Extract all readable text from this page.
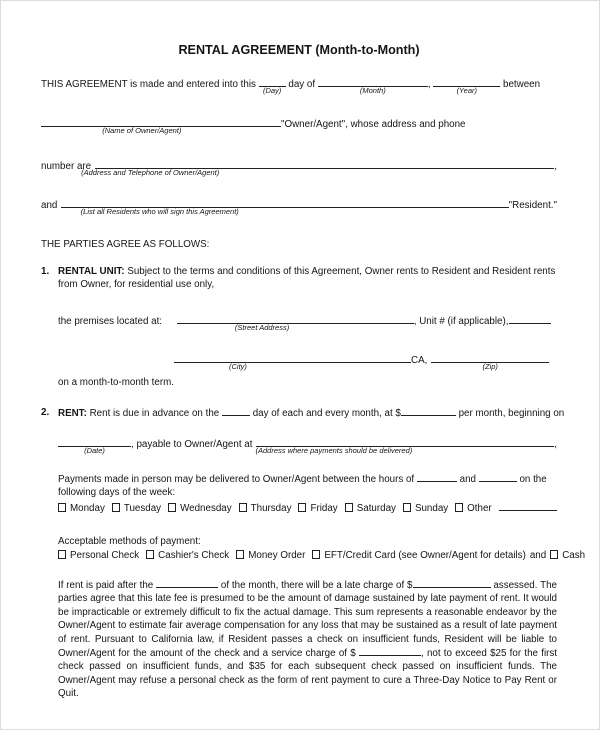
RENTAL AGREEMENT (Month-to-Month)
THIS AGREEMENT is made and entered into this
(Day)
day of
(Month)
,
(Year)
between
(Name of Owner/Agent)
"Owner/Agent", whose address and phone
number are
(Address and Telephone of Owner/Agent)
,
and
(List all Residents who will sign this Agreement)
"Resident."
THE PARTIES AGREE AS FOLLOWS:
1. RENTAL UNIT: Subject to the terms and conditions of this Agreement, Owner rents to Resident and Resident rents from Owner, for residential use only,
the premises located at:
(Street Address)
, Unit # (if applicable),
(City)
CA,
(Zip)
on a month-to-month term.
2. RENT: Rent is due in advance on the	day of each and every month, at $	per month, beginning on
(Date)
, payable to Owner/Agent at
(Address where payments should be delivered)
,
Payments made in person may be delivered to Owner/Agent between the hours of	and	on the following days of the week:
Monday	Tuesday	Wednesday	Thursday	Friday	Saturday	Sunday	Other
Acceptable methods of payment:
Personal Check	Cashier's Check	Money Order	EFT/Credit Card (see Owner/Agent for details) and	Cash
If rent is paid after the	of the month, there will be a late charge of $	assessed. The parties agree that this late fee is presumed to be the amount of damage sustained by late payment of rent. It would be impracticable or extremely difficult to fix the actual damage. This sum represents a reasonable endeavor by the Owner/Agent to estimate fair average compensation for any loss that may be sustained as a result of late payment of rent. Pursuant to California law, if Resident passes a check on insufficient funds, Resident will be liable to Owner/Agent for the amount of the check and a service charge of $	, not to exceed $25 for the first check passed on insufficient funds, and $35 for each subsequent check passed on insufficient funds. The Owner/Agent may refuse a personal check as the form of rent payment to cure a Three-Day Notice to Pay Rent or Quit.
